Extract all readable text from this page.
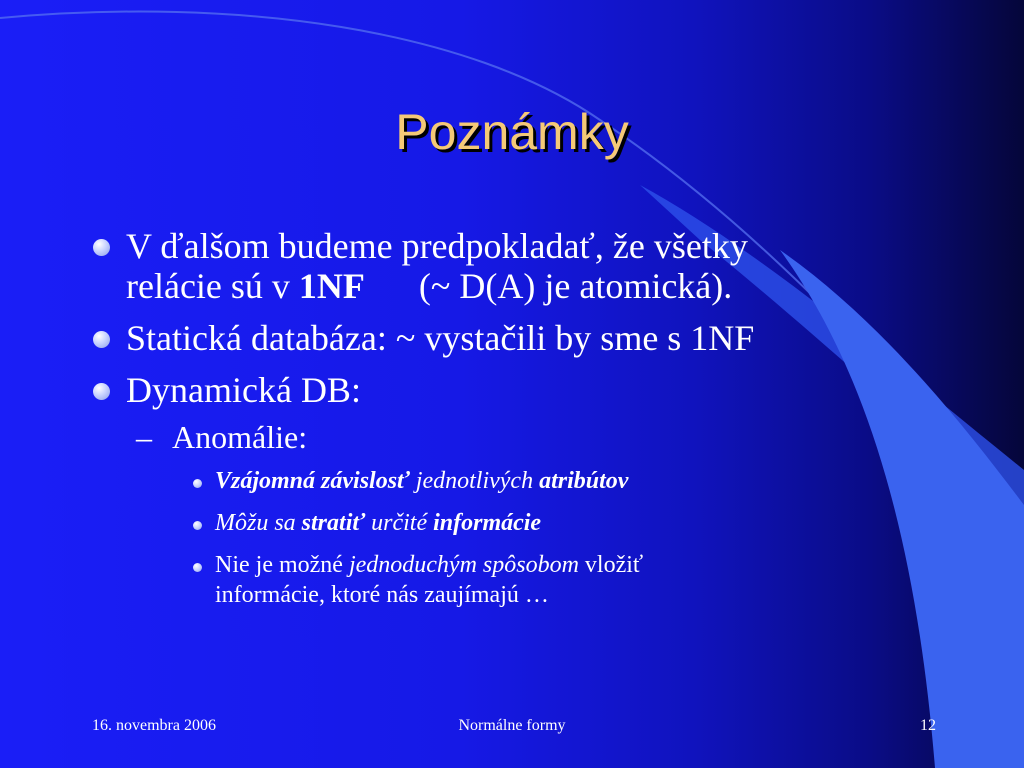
Poznámky
V ďalšom budeme predpokladať, že všetky
relácie sú v 1NF (~ D(A) je atomická).
Statická databáza: ~ vystačili by sme s 1NF
Dynamická DB:
– Anomálie:
Vzájomná závislosť jednotlivých atribútov
Môžu sa stratiť určité informácie
Nie je možné jednoduchým spôsobom vložiť
informácie, ktoré nás zaujímajú …
16. novembra 2006	Normálne formy	12
